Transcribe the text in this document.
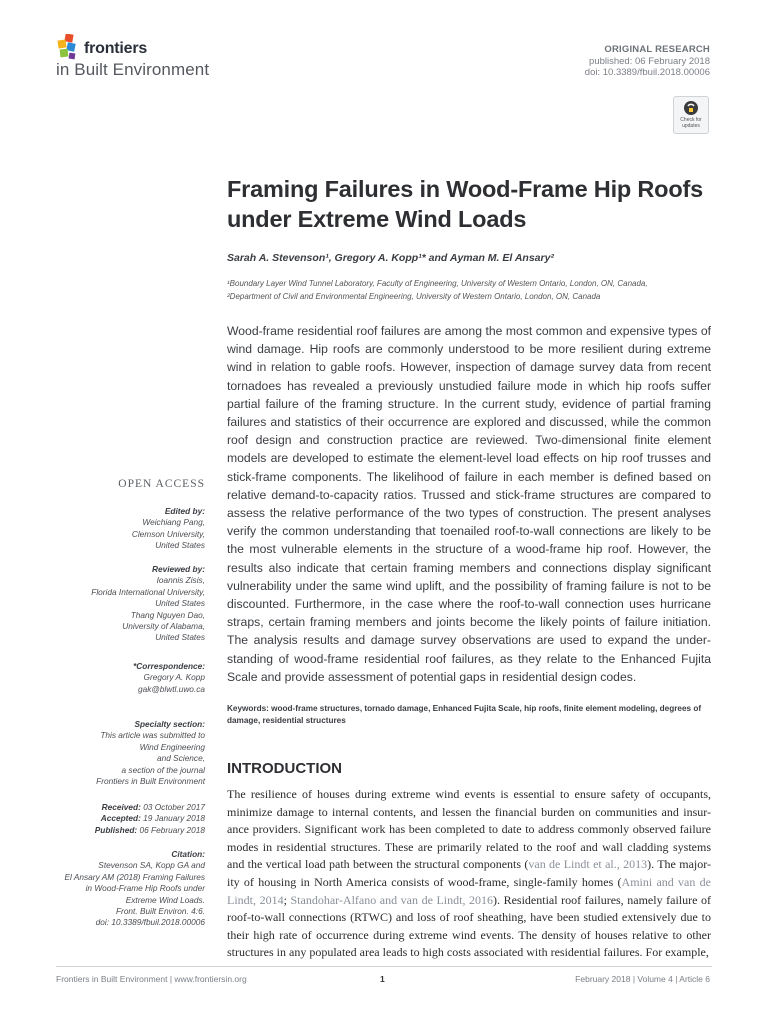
frontiers
in Built Environment
ORIGINAL RESEARCH
published: 06 February 2018
doi: 10.3389/fbuil.2018.00006
Check for updates
Framing Failures in Wood-Frame Hip Roofs under Extreme Wind Loads
Sarah A. Stevenson¹, Gregory A. Kopp¹* and Ayman M. El Ansary²
¹Boundary Layer Wind Tunnel Laboratory, Faculty of Engineering, University of Western Ontario, London, ON, Canada,
²Department of Civil and Environmental Engineering, University of Western Ontario, London, ON, Canada
Wood-frame residential roof failures are among the most common and expensive types of wind damage. Hip roofs are commonly understood to be more resilient during extreme wind in relation to gable roofs. However, inspection of damage survey data from recent tornadoes has revealed a previously unstudied failure mode in which hip roofs suffer partial failure of the framing structure. In the current study, evidence of partial framing failures and statistics of their occurrence are explored and discussed, while the common roof design and construction practice are reviewed. Two-dimensional finite element models are developed to estimate the element-level load effects on hip roof trusses and stick-frame components. The likelihood of failure in each member is defined based on relative demand-to-capacity ratios. Trussed and stick-frame structures are compared to assess the relative performance of the two types of construction. The present analyses verify the common understanding that toenailed roof-to-wall connections are likely to be the most vulnerable elements in the structure of a wood-frame hip roof. However, the results also indicate that certain framing members and connections display significant vulnerability under the same wind uplift, and the possibility of framing failure is not to be discounted. Furthermore, in the case where the roof-to-wall connection uses hurricane straps, certain framing members and joints become the likely points of failure initiation. The analysis results and damage survey observations are used to expand the under-standing of wood-frame residential roof failures, as they relate to the Enhanced Fujita Scale and provide assessment of potential gaps in residential design codes.
Keywords: wood-frame structures, tornado damage, Enhanced Fujita Scale, hip roofs, finite element modeling, degrees of damage, residential structures
INTRODUCTION
The resilience of houses during extreme wind events is essential to ensure safety of occupants, minimize damage to internal contents, and lessen the financial burden on communities and insur-ance providers. Significant work has been completed to date to address commonly observed failure modes in residential structures. These are primarily related to the roof and wall cladding systems and the vertical load path between the structural components (van de Lindt et al., 2013). The major-ity of housing in North America consists of wood-frame, single-family homes (Amini and van de Lindt, 2014; Standohar-Alfano and van de Lindt, 2016). Residential roof failures, namely failure of roof-to-wall connections (RTWC) and loss of roof sheathing, have been studied extensively due to their high rate of occurrence during extreme wind events. The density of houses relative to other structures in any populated area leads to high costs associated with residential failures. For example,
OPEN ACCESS
Edited by:
Weichiang Pang,
Clemson University,
United States
Reviewed by:
Ioannis Zisis,
Florida International University,
United States
Thang Nguyen Dao,
University of Alabama,
United States
*Correspondence:
Gregory A. Kopp
gak@blwtl.uwo.ca
Specialty section:
This article was submitted to
Wind Engineering
and Science,
a section of the journal
Frontiers in Built Environment
Received: 03 October 2017
Accepted: 19 January 2018
Published: 06 February 2018
Citation:
Stevenson SA, Kopp GA and
El Ansary AM (2018) Framing Failures
in Wood-Frame Hip Roofs under
Extreme Wind Loads.
Front. Built Environ. 4:6.
doi: 10.3389/fbuil.2018.00006
Frontiers in Built Environment | www.frontiersin.org	1	February 2018 | Volume 4 | Article 6
